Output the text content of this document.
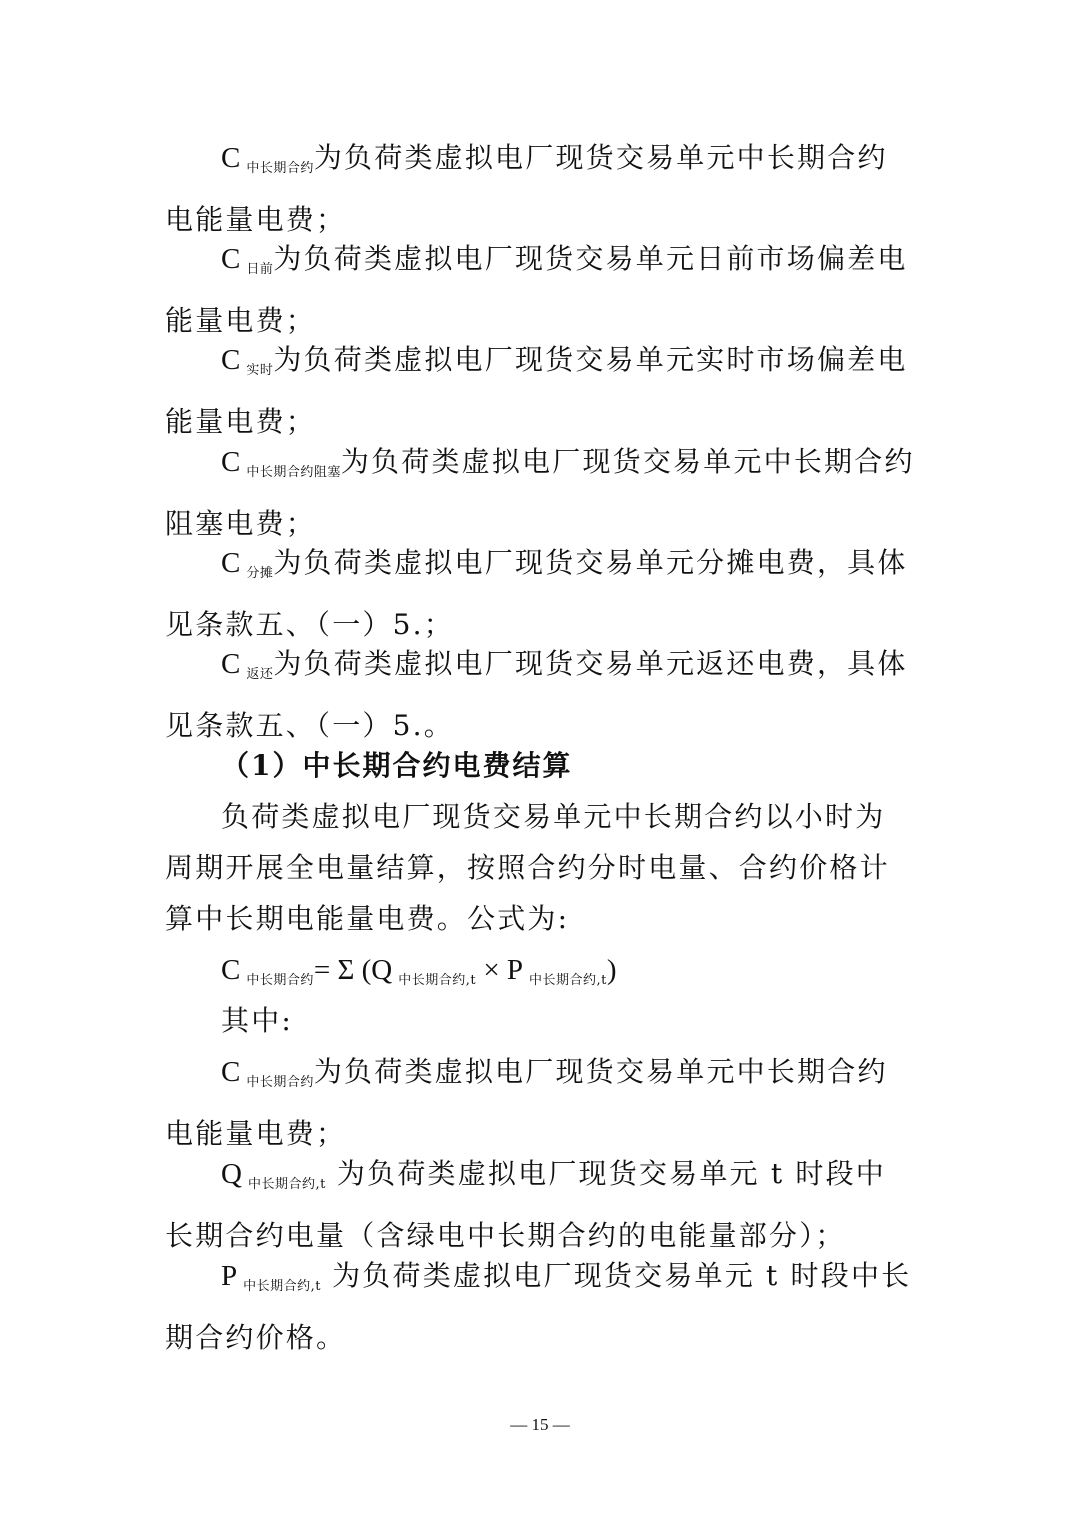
C $_{中长期合约}$为负荷类虚拟电厂现货交易单元中长期合约电能量电费；
C $_{日前}$为负荷类虚拟电厂现货交易单元日前市场偏差电能量电费；
C $_{实时}$为负荷类虚拟电厂现货交易单元实时市场偏差电能量电费；
C $_{中长期合约阻塞}$为负荷类虚拟电厂现货交易单元中长期合约阻塞电费；
C $_{分摊}$为负荷类虚拟电厂现货交易单元分摊电费，具体见条款五、（一）5.；
C $_{返还}$为负荷类虚拟电厂现货交易单元返还电费，具体见条款五、（一）5.。
（1）中长期合约电费结算
负荷类虚拟电厂现货交易单元中长期合约以小时为周期开展全电量结算，按照合约分时电量、合约价格计算中长期电能量电费。公式为:
C $_{中长期合约}$= Σ (Q $_{中长期合约,t}$ × P $_{中长期合约,t}$)
其中:
C $_{中长期合约}$为负荷类虚拟电厂现货交易单元中长期合约电能量电费；
Q $_{中长期合约,t}$ 为负荷类虚拟电厂现货交易单元 t 时段中长期合约电量（含绿电中长期合约的电能量部分）；
P $_{中长期合约,t}$ 为负荷类虚拟电厂现货交易单元 t 时段中长期合约价格。
— 15 —
